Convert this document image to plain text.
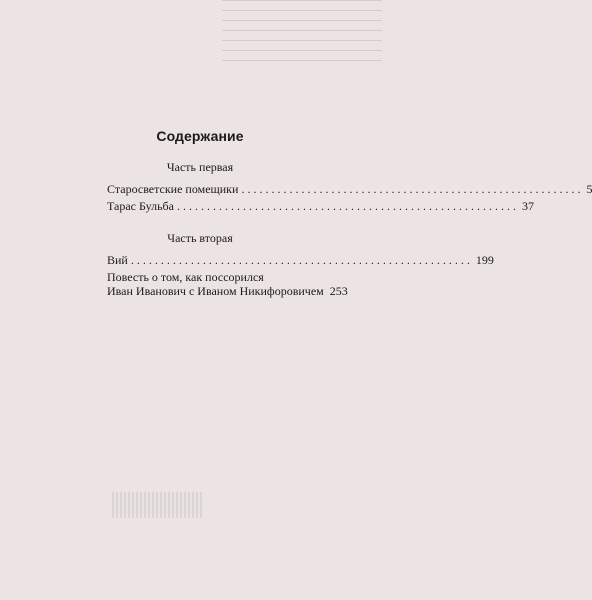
Содержание
Часть первая
Старосветские помещики ......................................................... 5
Тарас Бульба ......................................................... 37
Часть вторая
Вий ......................................................... 199
Повесть о том, как поссорился
Иван Иванович с Иваном Никифоровичем 253
